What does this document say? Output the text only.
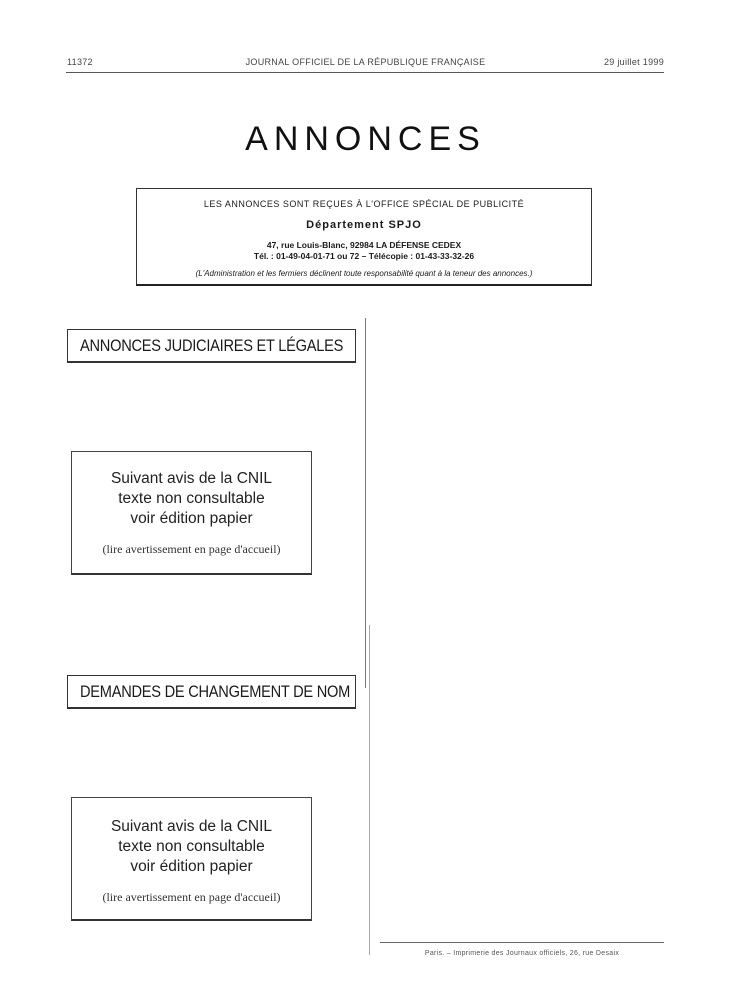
11372	JOURNAL OFFICIEL DE LA RÉPUBLIQUE FRANÇAISE	29 juillet 1999
ANNONCES
LES ANNONCES SONT REÇUES À L'OFFICE SPÉCIAL DE PUBLICITÉ
Département SPJO
47, rue Louis-Blanc, 92984 LA DÉFENSE CEDEX
Tél. : 01-49-04-01-71 ou 72 – Télécopie : 01-43-33-32-26
(L'Administration et les fermiers déclinent toute responsabilité quant à la teneur des annonces.)
ANNONCES JUDICIAIRES ET LÉGALES
Suivant avis de la CNIL
texte non consultable
voir édition papier
(lire avertissement en page d'accueil)
DEMANDES DE CHANGEMENT DE NOM
Suivant avis de la CNIL
texte non consultable
voir édition papier
(lire avertissement en page d'accueil)
Paris. – Imprimerie des Journaux officiels, 26, rue Desaix
